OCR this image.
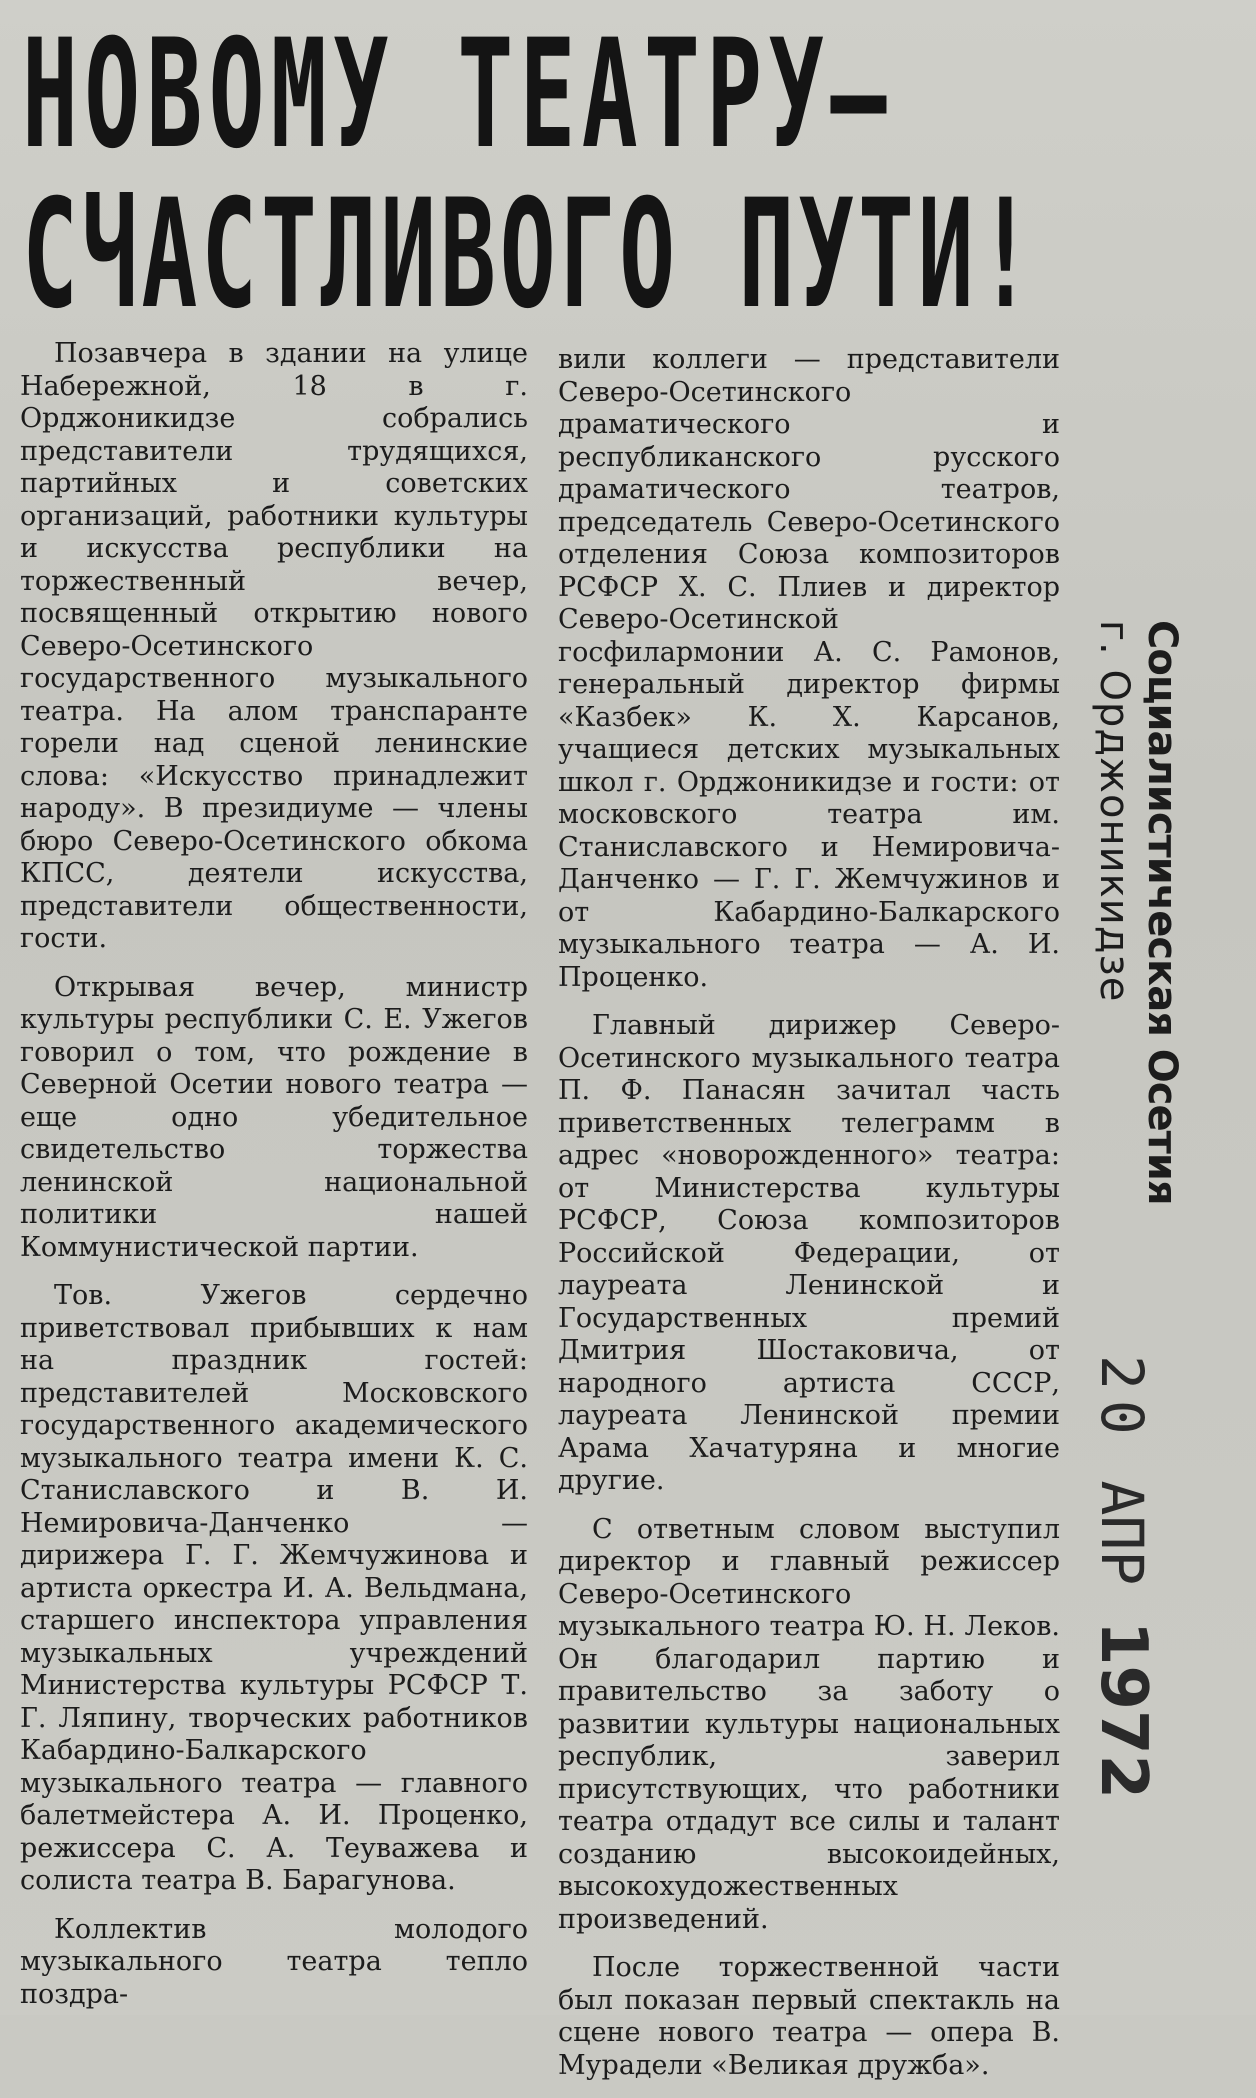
НОВОМУ ТЕАТРУ—
СЧАСТЛИВОГО ПУТИ!

Позавчера в здании на улице Набережной, 18 в г. Орджоникидзе собрались представители трудящихся, партийных и советских организаций, работники культуры и искусства республики на торжественный вечер, посвященный открытию нового Северо-Осетинского государственного музыкального театра. На алом транспаранте горели над сценой ленинские слова: «Искусство принадлежит народу». В президиуме — члены бюро Северо-Осетинского обкома КПСС, деятели искусства, представители общественности, гости.

Открывая вечер, министр культуры республики С. Е. Ужегов говорил о том, что рождение в Северной Осетии нового театра — еще одно убедительное свидетельство торжества ленинской национальной политики нашей Коммунистической партии.

Тов. Ужегов сердечно приветствовал прибывших к нам на праздник гостей: представителей Московского государственного академического музыкального театра имени К. С. Станиславского и В. И. Немировича-Данченко — дирижера Г. Г. Жемчужинова и артиста оркестра И. А. Вельдмана, старшего инспектора управления музыкальных учреждений Министерства культуры РСФСР Т. Г. Ляпину, творческих работников Кабардино-Балкарского музыкального театра — главного балетмейстера А. И. Проценко, режиссера С. А. Теуважева и солиста театра В. Барагунова.

Коллектив молодого музыкального театра тепло поздра-

вили коллеги — представители Северо-Осетинского драматического и республиканского русского драматического театров, председатель Северо-Осетинского отделения Союза композиторов РСФСР Х. С. Плиев и директор Северо-Осетинской госфилармонии А. С. Рамонов, генеральный директор фирмы «Казбек» К. Х. Карсанов, учащиеся детских музыкальных школ г. Орджоникидзе и гости: от московского театра им. Станиславского и Немировича-Данченко — Г. Г. Жемчужинов и от Кабардино-Балкарского музыкального театра — А. И. Проценко.

Главный дирижер Северо-Осетинского музыкального театра П. Ф. Панасян зачитал часть приветственных телеграмм в адрес «новорожденного» театра: от Министерства культуры РСФСР, Союза композиторов Российской Федерации, от лауреата Ленинской и Государственных премий Дмитрия Шостаковича, от народного артиста СССР, лауреата Ленинской премии Арама Хачатуряна и многие другие.

С ответным словом выступил директор и главный режиссер Северо-Осетинского музыкального театра Ю. Н. Леков. Он благодарил партию и правительство за заботу о развитии культуры национальных республик, заверил присутствующих, что работники театра отдадут все силы и талант созданию высокоидейных, высокохудожественных произведений.

После торжественной части был показан первый спектакль на сцене нового театра — опера В. Мурадели «Великая дружба».

Социалистическая Осетия
г. Орджоникидзе
20 АПР 1972
